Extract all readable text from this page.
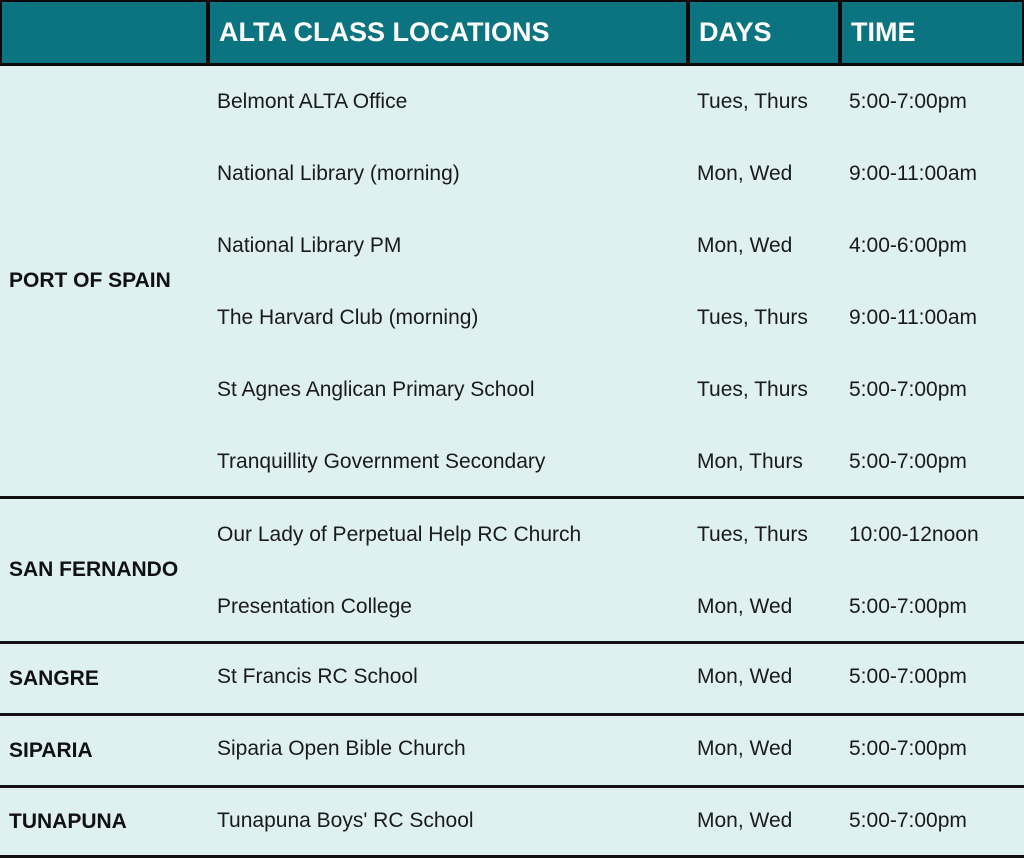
ALTA CLASS LOCATIONS	DAYS	TIME
PORT OF SPAIN
Belmont ALTA Office	Tues, Thurs 5:00-7:00pm
National Library (morning)	Mon, Wed	9:00-11:00am
National Library PM	Mon, Wed	4:00-6:00pm
The Harvard Club (morning)	Tues, Thurs 9:00-11:00am
St Agnes Anglican Primary School	Tues, Thurs 5:00-7:00pm
Tranquillity Government Secondary	Mon, Thurs 5:00-7:00pm
SAN FERNANDO
Our Lady of Perpetual Help RC Church	Tues, Thurs 10:00-12noon
Presentation College	Mon, Wed	5:00-7:00pm
SANGRE	St Francis RC School	Mon, Wed	5:00-7:00pm
SIPARIA	Siparia Open Bible Church	Mon, Wed	5:00-7:00pm
TUNAPUNA	Tunapuna Boys' RC School	Mon, Wed	5:00-7:00pm
